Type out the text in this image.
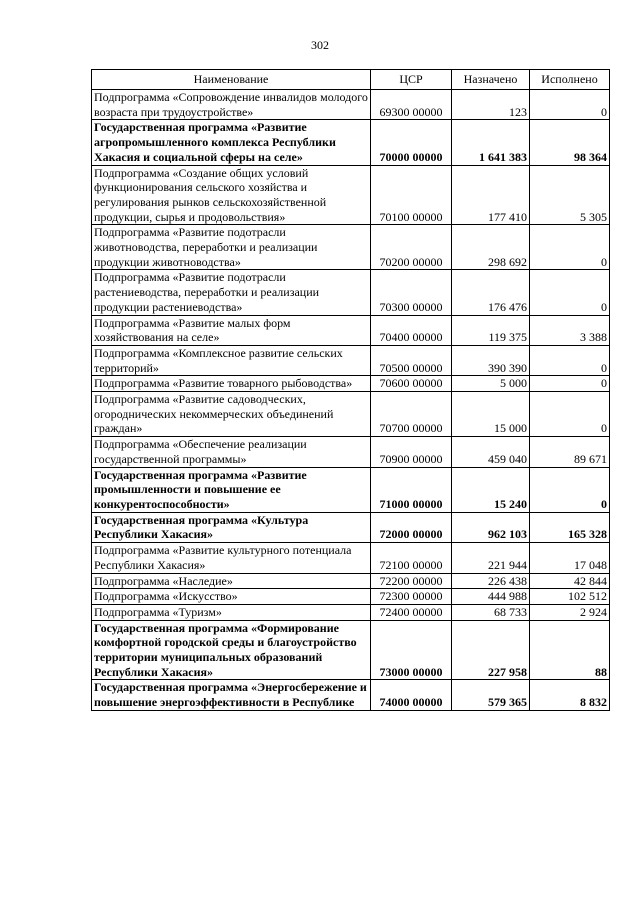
302
Наименование	ЦСР	Назначено	Исполнено
Подпрограмма «Сопровождение инвалидов молодого возраста при трудоустройстве»	69300 00000	123	0
Государственная программа «Развитие агропромышленного комплекса Республики Хакасия и социальной сферы на селе»	70000 00000	1 641 383	98 364
Подпрограмма «Создание общих условий функционирования сельского хозяйства и регулирования рынков сельскохозяйственной продукции, сырья и продовольствия»	70100 00000	177 410	5 305
Подпрограмма «Развитие подотрасли животноводства, переработки и реализации продукции животноводства»	70200 00000	298 692	0
Подпрограмма «Развитие подотрасли растениеводства, переработки и реализации продукции растениеводства»	70300 00000	176 476	0
Подпрограмма «Развитие малых форм хозяйствования на селе»	70400 00000	119 375	3 388
Подпрограмма «Комплексное развитие сельских территорий»	70500 00000	390 390	0
Подпрограмма «Развитие товарного рыбоводства»	70600 00000	5 000	0
Подпрограмма «Развитие садоводческих, огороднических некоммерческих объединений граждан»	70700 00000	15 000	0
Подпрограмма «Обеспечение реализации государственной программы»	70900 00000	459 040	89 671
Государственная программа «Развитие промышленности и повышение ее конкурентоспособности»	71000 00000	15 240	0
Государственная программа «Культура Республики Хакасия»	72000 00000	962 103	165 328
Подпрограмма «Развитие культурного потенциала Республики Хакасия»	72100 00000	221 944	17 048
Подпрограмма «Наследие»	72200 00000	226 438	42 844
Подпрограмма «Искусство»	72300 00000	444 988	102 512
Подпрограмма «Туризм»	72400 00000	68 733	2 924
Государственная программа «Формирование комфортной городской среды и благоустройство территории муниципальных образований Республики Хакасия»	73000 00000	227 958	88
Государственная программа «Энергосбережение и повышение энергоэффективности в Республике	74000 00000	579 365	8 832
